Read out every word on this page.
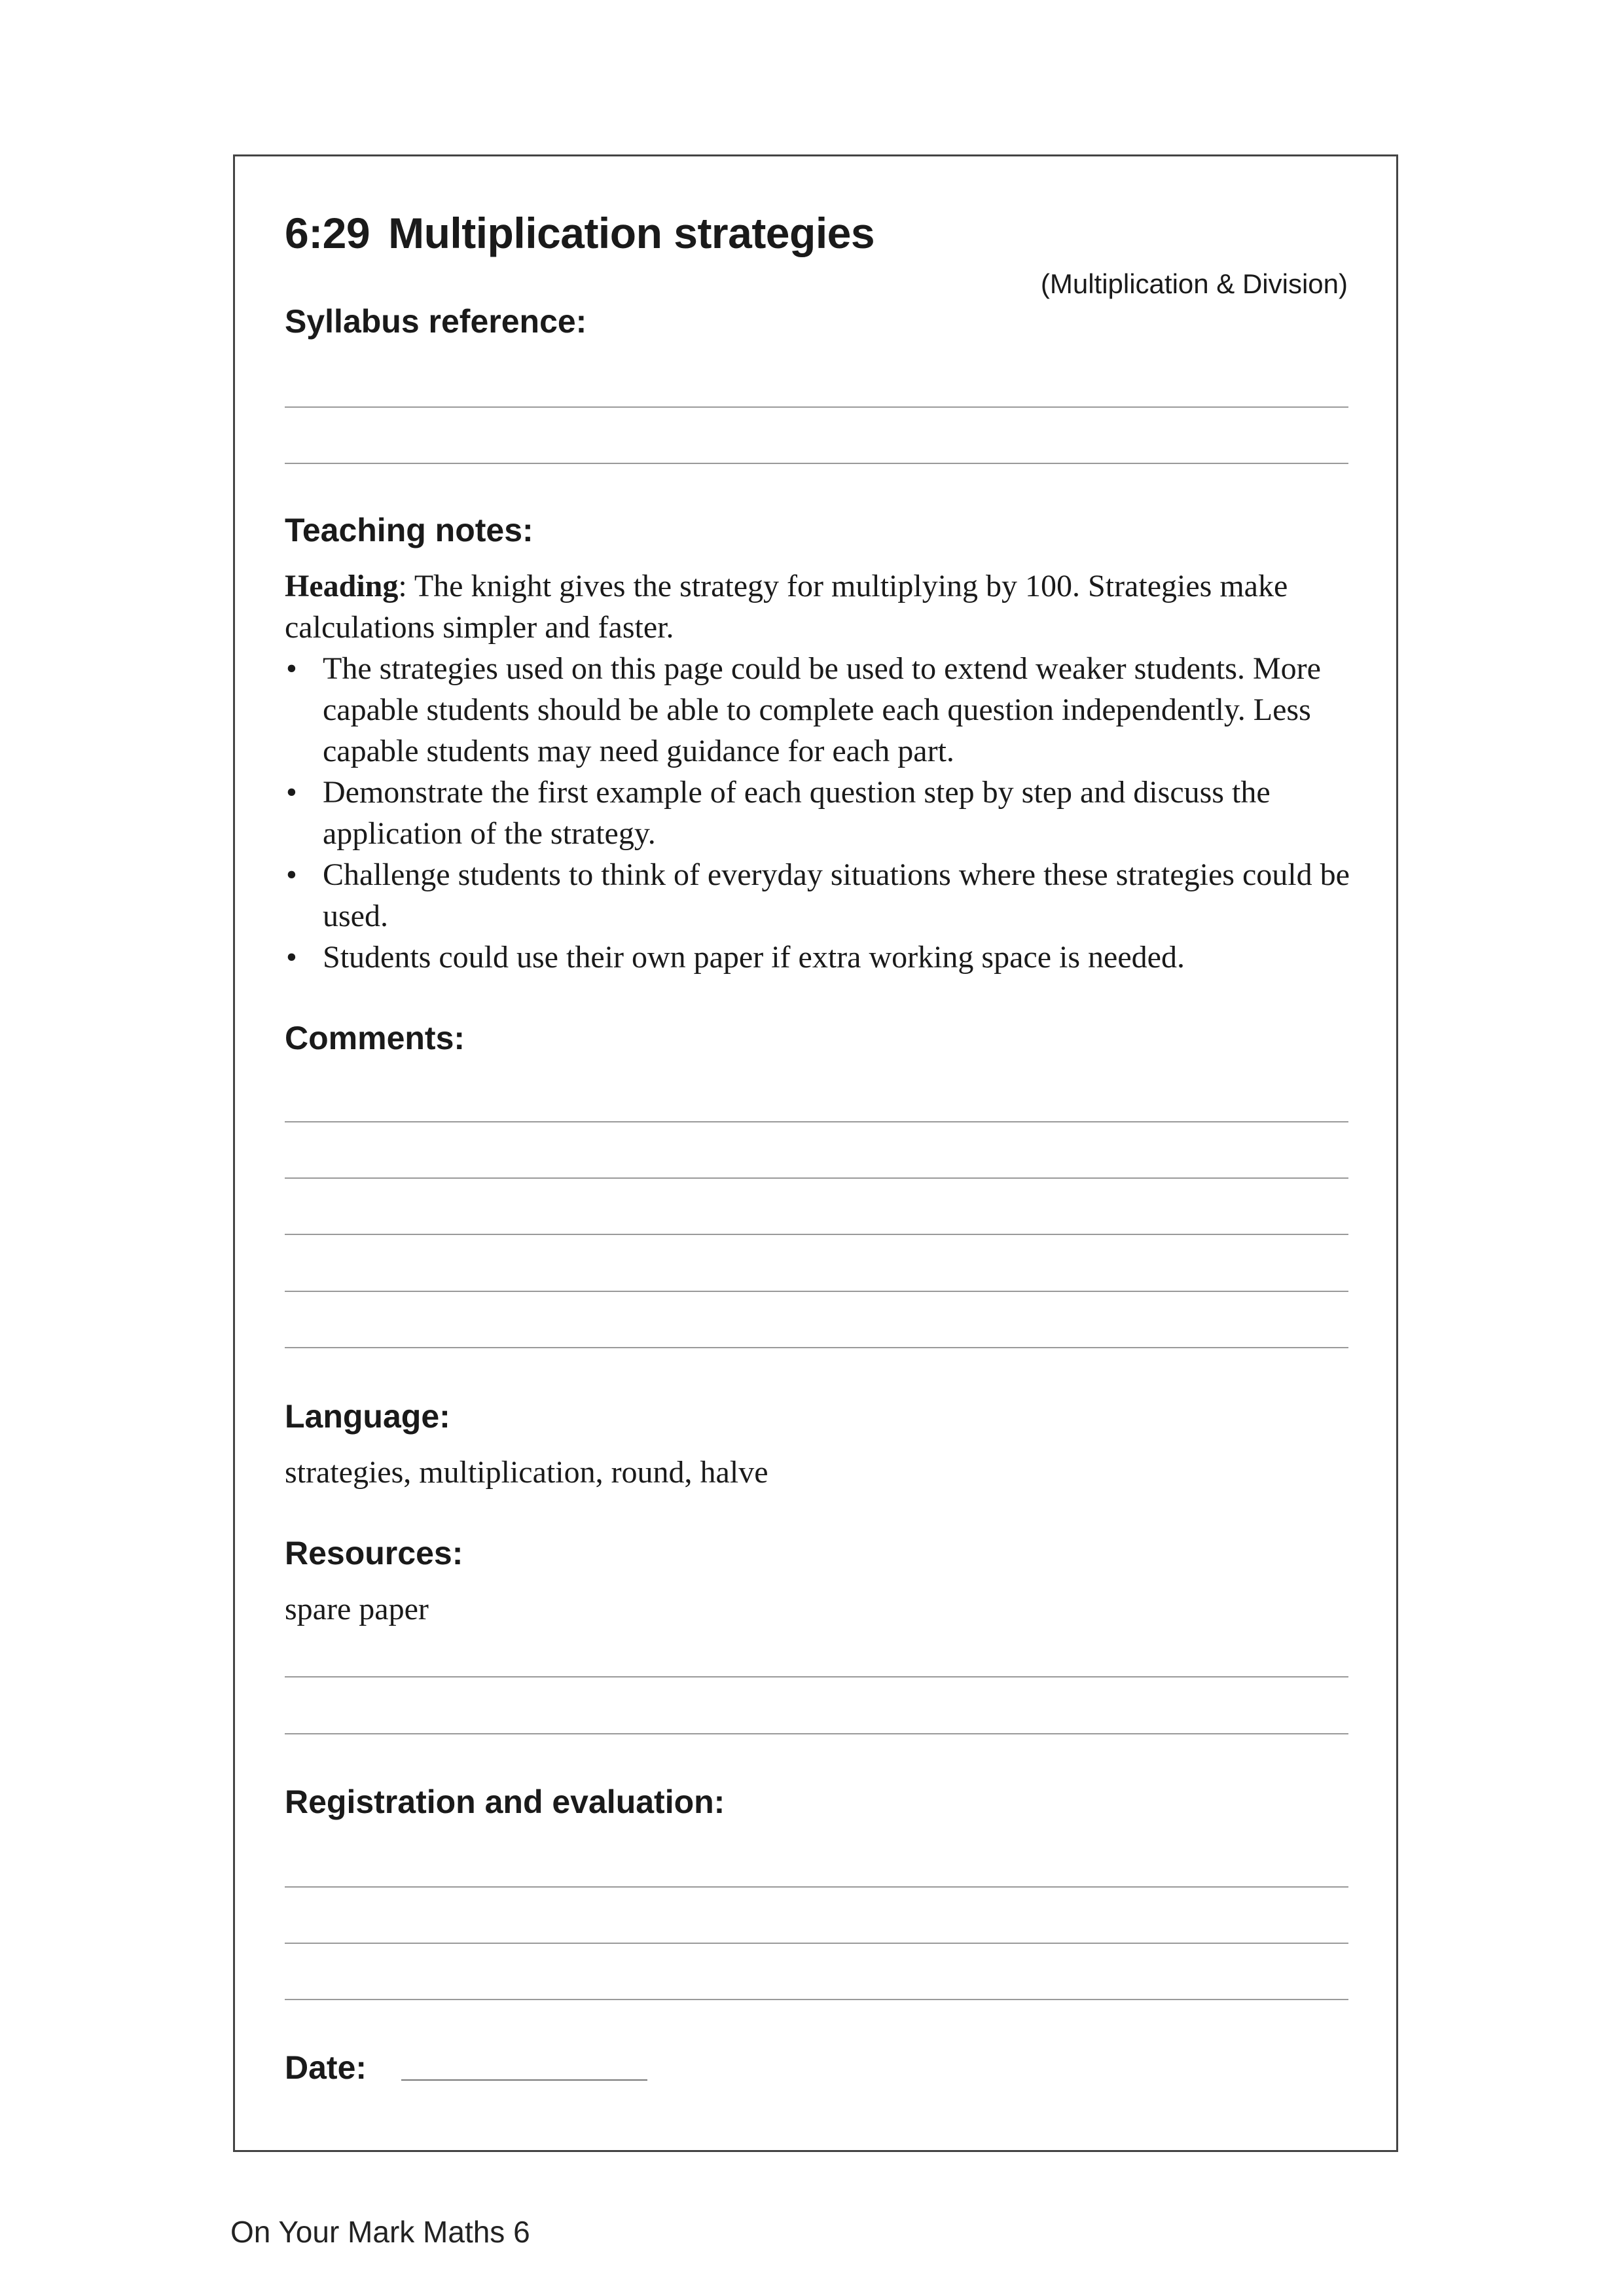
6:29 Multiplication strategies
(Multiplication & Division)
Syllabus reference:
Teaching notes:

Heading: The knight gives the strategy for multiplying by 100. Strategies make calculations simpler and faster.

• The strategies used on this page could be used to extend weaker students. More capable students should be able to complete each question independently. Less capable students may need guidance for each part.
• Demonstrate the first example of each question step by step and discuss the application of the strategy.
• Challenge students to think of everyday situations where these strategies could be used.
• Students could use their own paper if extra working space is needed.
Comments:
Language:
strategies, multiplication, round, halve
Resources:
spare paper
Registration and evaluation:
Date:
On Your Mark Maths 6
